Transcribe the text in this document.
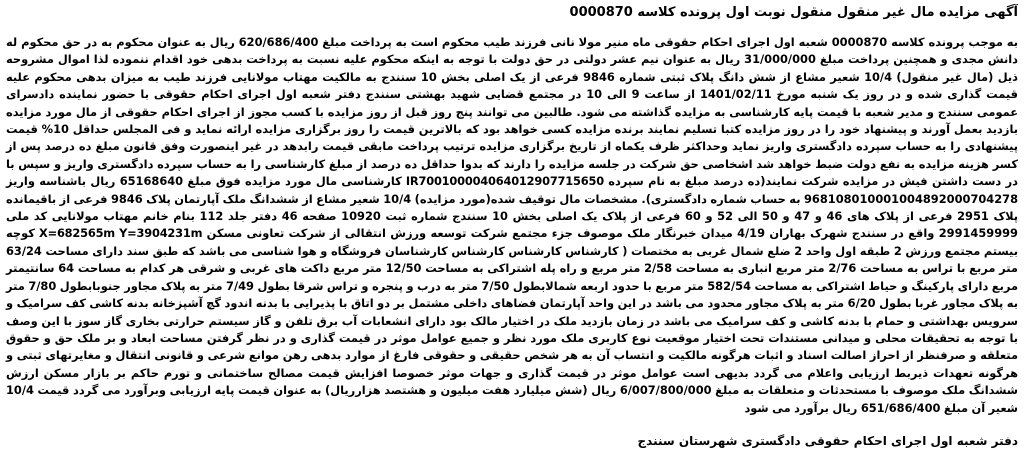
آگهی مزایده مال غیر منقول منقول نوبت اول پرونده کلاسه 0000870

به موجب پرونده کلاسه 0000870 شعبه اول اجرای احکام حقوقی ماه منیر مولا نانی فرزند طیب محکوم است به پرداخت مبلغ 620/686/400 ریال به عنوان محکوم به در حق محکوم له دانش مجدی و همچنین پرداخت مبلغ 31/000/000 ریال به عنوان نیم عشر دولتی در حق دولت با توجه به اینکه محکوم علیه نسبت به پرداخت بدهی خود اقدام ننموده لذا اموال مشروحه ذیل (مال غیر منقول) 10/4 شعیر مشاع از شش دانگ پلاک ثبتی شماره 9846 فرعی از یک اصلی بخش 10 سنندج به مالکیت مهتاب مولانایی فرزند طیب به میزان بدهی محکوم علیه قیمت گذاری شده و در روز یک شنبه مورخ 1401/02/11 از ساعت 9 الی 10 در مجتمع قضایی شهید بهشتی سنندج دفتر شعبه اول اجرای احکام حقوقی با حضور نماینده دادسرای عمومی سنندج و مدیر شعبه با قیمت پایه کارشناسی به مزایده گذاشته می شود. طالبین می توانند پنج روز قبل از روز مزایده با کسب مجوز از اجرای احکام حقوقی از مال مورد مزایده بازدید بعمل آورند و پیشنهاد خود را در روز مزایده کتبا تسلیم نمایند برنده مزایده کسی خواهد بود که بالاترین قیمت را روز برگزاری مزایده ارائه نماید و فی المجلس حداقل 10% قیمت پیشنهادی را به حساب سپرده دادگستری واریز نماید وحداکثر ظرف یکماه از تاریخ برگزاری مزایده ترتیب پرداخت مابقی قیمت رابدهد در غیر اینصورت وفق قانون مبلغ ده درصد پس از کسر هزینه مزایده به نفع دولت ضبط خواهد شد اشخاصی حق شرکت در جلسه مزایده را دارند که بدوا حداقل ده درصد از مبلغ کارشناسی را به حساب سپرده دادگستری واریز و سپس با در دست داشتن فیش در مزایده شرکت نمایند(ده درصد مبلغ به نام سپرده IR700100004064012907715650 کارشناسی مال مورد مزایده فوق مبلغ 65168640 ریال باشناسه واریز 968108010001004892000704278 به حساب شماره دادگستری). مشخصات مال توقیف شده(مورد مزایده) 10/4 شعیر مشاع از ششدانگ ملک آپارتمان پلاک 9846 فرعی از باقیمانده پلاک 2951 فرعی از پلاک های 46 و 47 و 50 الی 52 و 60 فرعی از پلاک یک اصلی بخش 10 سنندج شماره ثبت 10920 صفحه 46 دفتر جلد 112 بنام خانم مهتاب مولانایی کد ملی 2991459999 واقع در سنندج شهرک بهاران 4/19 میدان خبرنگار ملک موصوف جزء مجتمع شرکت توسعه ورزش انتقالی از شرکت تعاونی مسکن X=682565m Y=3904231m کوچه بیستم مجتمع ورزش 2 طبقه اول واحد 2 ضلع شمال غربی به مختصات ( کارشناس کارشناس کارشناس کارشناسان فروشگاه و هوا شناسی می باشد که طبق سند دارای مساحت 63/24 متر مربع با تراس به مساحت 2/76 متر مربع انباری به مساحت 2/58 متر مربع و راه پله اشتراکی به مساحت 12/50 متر مربع داکت های غربی و شرقی هر کدام به مساحت 64 سانتیمتر مربع دارای پارکینگ و حیاط اشتراکی به مساحت 582/54 متر مربع با حدود اربعه شمالابطول 7/50 متر به درب و پنجره و تراس شرقا بطول 7/49 متر به پلاک مجاور جنوبابطول 7/80 متر به پلاک مجاور غربا بطول 6/20 متر به پلاک مجاور محدود می باشد در این واحد آپارتمان فضاهای داخلی مشتمل بر دو اتاق با پذیرایی با بدنه اندود گچ آشپزخانه بدنه کاشی کف سرامیک و سرویس بهداشتی و حمام با بدنه کاشی و کف سرامیک می باشد در زمان بازدید ملک در اختیار مالک بود دارای انشعابات آب برق تلفن و گاز سیستم حرارتی بخاری گاز سوز با این وصف با توجه به تحقیقات محلی و میدانی مستندات تحت اختیار موقعیت نوع کاربری ملک مورد نظر و جمیع عوامل موثر در قیمت گذاری و در نظر گرفتن مساحت ابعاد و بر ملک حق و حقوق متعلقه و صرفنظر از احراز اصالت اسناد و اثبات هرگونه مالکیت و انتساب آن به هر شخص حقیقی و حقوقی فارغ از موارد بدهی رهن موانع شرعی و قانونی انتقال و مغایرتهای ثبتی و هرگونه تعهدات ذیربط ارزیابی واعلام می گردد بدیهی است عوامل موثر در قیمت گذاری و جهات موثر خصوصا افزایش قیمت مصالح ساختمانی و تورم حاکم بر بازار مسکن ارزش ششدانگ ملک موصوف با مستحدثات و متعلقات به مبلغ 6/007/800/000 ریال (شش میلیارد هفت میلیون و هشتصد هزارریال) به عنوان قیمت پایه ارزیابی وبرآورد می گردد قیمت 10/4 شعیر آن مبلغ 651/686/400 ریال برآورد می شود

دفتر شعبه اول اجرای احکام حقوقی دادگستری شهرستان سنندج
